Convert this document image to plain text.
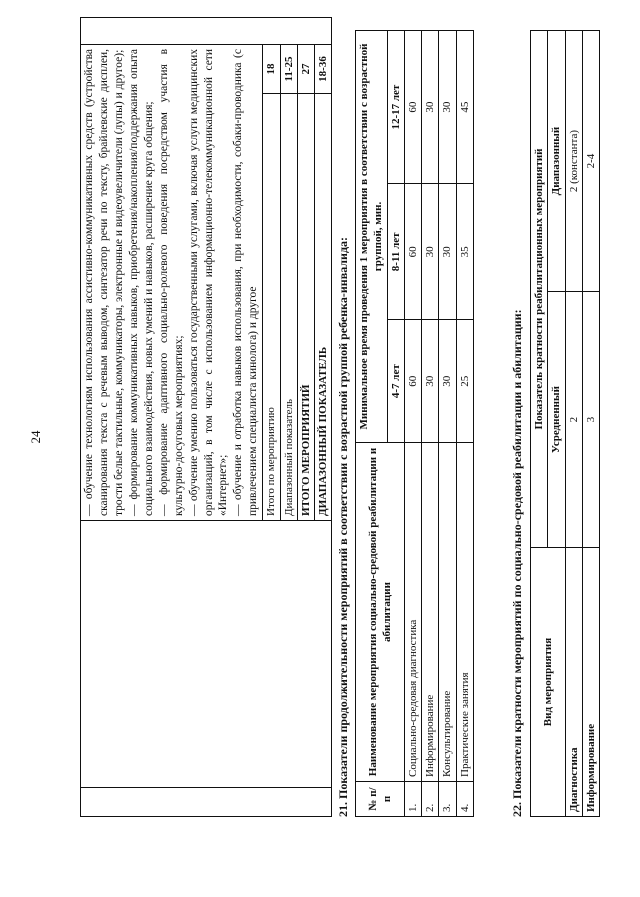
24

		— обучение технологиям использования ассистивно-коммуникативных средств (устройства сканирования текста с речевым выводом, синтезатор речи по тексту, брайлевские дисплеи, трости белые тактильные, коммуникаторы, электронные и видеоувеличители (лупы) и другое); — формирование коммуникативных навыков, приобретения/накопления/поддержания опыта социального взаимодействия, новых умений и навыков, расширение круга общения; — формирование адаптивного социально-ролевого поведения посредством участия в культурно-досуговых мероприятиях; — обучение умению пользоваться государственными услугами, включая услуги медицинских организаций, в том числе с использованием информационно-телекоммуникационной сети «Интернет»; — обучение и отработка навыков использования, при необходимости, собаки-проводника (с привлечением специалиста кинолога) и другое		

		Итого по мероприятию	18	
		Диапазонный показатель	11-25	
		ИТОГО МЕРОПРИЯТИЙ	27	
		ДИАПАЗОННЫЙ ПОКАЗАТЕЛЬ	18-36	
21. Показатели продолжительности мероприятий в соответствии с возрастной группой ребенка-инвалида: № п/п	Наименование мероприятия социально-средовой реабилитации и абилитации	Минимальное время проведения 1 мероприятия в соответствии с возрастной группой, мин.		
		4-7 лет	8-11 лет	12-17 лет
1.	Социально-средовая диагностика	60	60	60
2.	Информирование	30	30	30
3.	Консультирование	30	30	30
4.	Практические занятия	25	35	45
22. Показатели кратности мероприятий по социально-средовой реабилитации и абилитации: Вид мероприятия	Показатель кратности реабилитационных мероприятий	
	Усредненный	Диапазонный
Диагностика	2	2 (константа)
Информирование	3	2-4
